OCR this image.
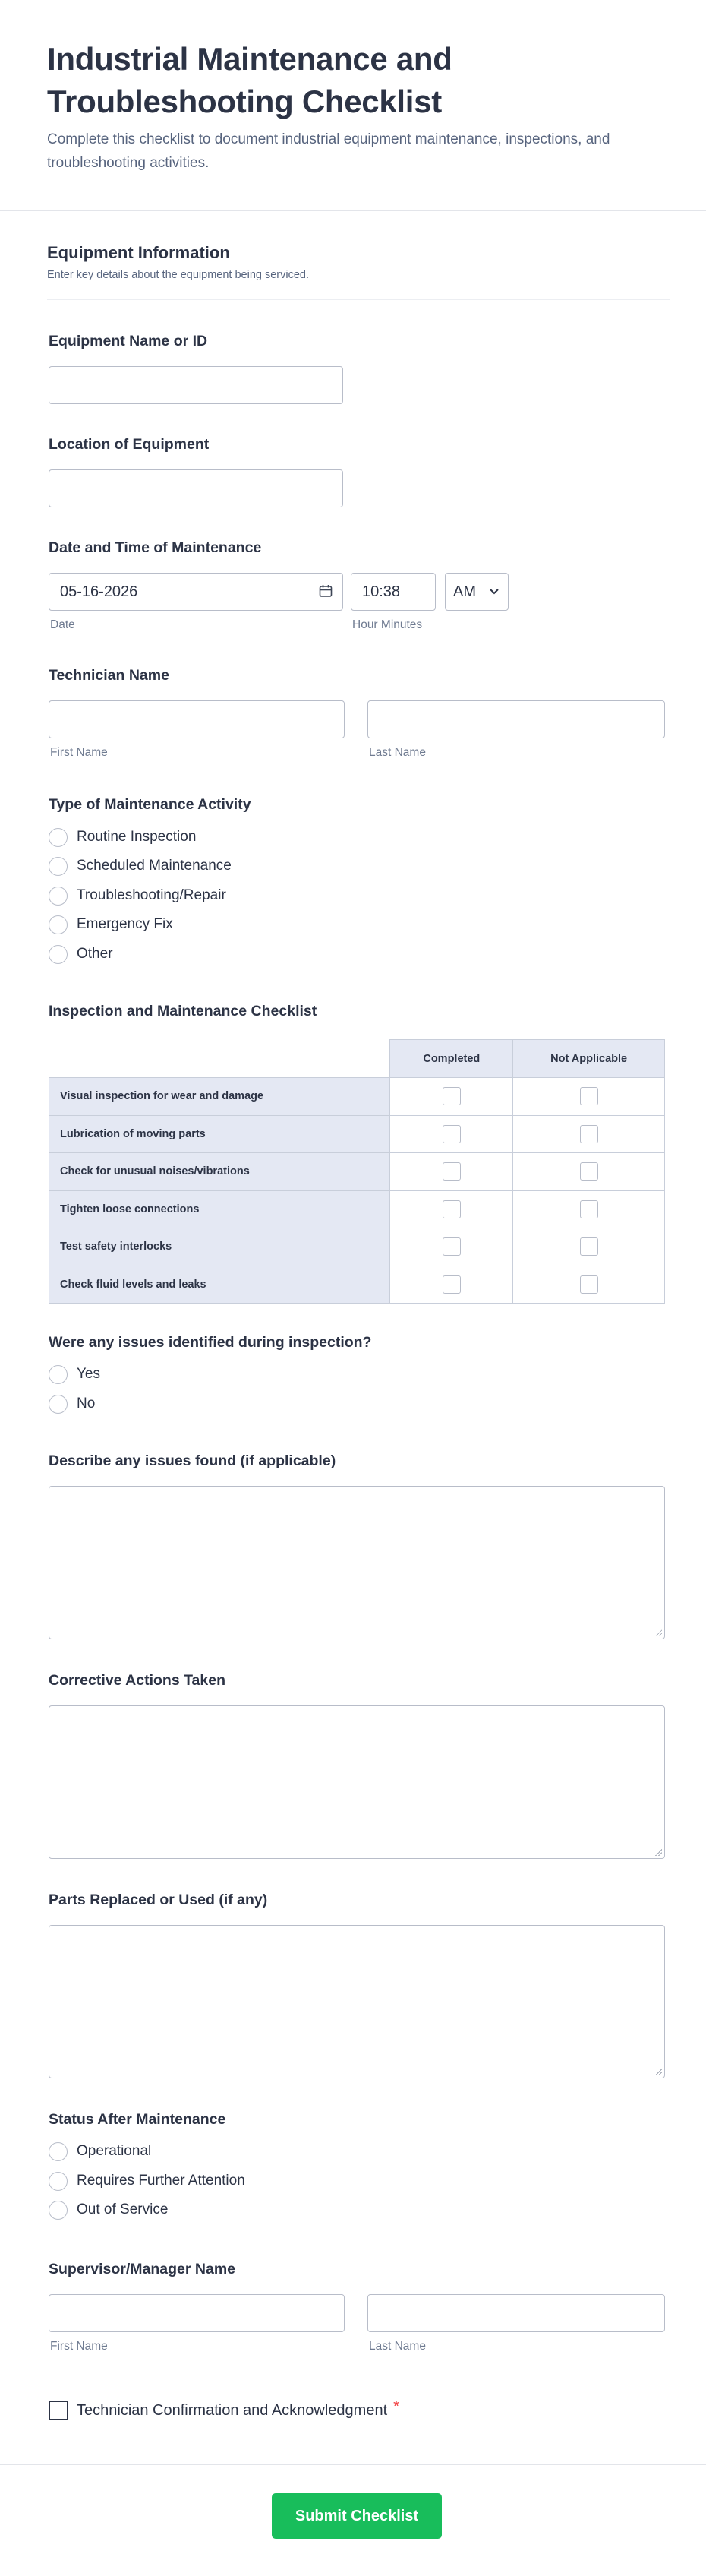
Industrial Maintenance and Troubleshooting Checklist

Complete this checklist to document industrial equipment maintenance, inspections, and troubleshooting activities.

Equipment Information
Enter key details about the equipment being serviced.
Equipment Name or ID
Location of Equipment
Date and Time of Maintenance
05-16-2026
Date
10:38
Hour Minutes
AM
Technician Name
First Name	Last Name
Type of Maintenance Activity
Routine Inspection
Scheduled Maintenance
Troubleshooting/Repair
Emergency Fix
Other
Inspection and Maintenance Checklist
	Completed	Not Applicable
Visual inspection for wear and damage		
Lubrication of moving parts		
Check for unusual noises/vibrations		
Tighten loose connections		
Test safety interlocks		
Check fluid levels and leaks		
Were any issues identified during inspection?
Yes
No
Describe any issues found (if applicable)
Corrective Actions Taken
Parts Replaced or Used (if any)
Status After Maintenance
Operational
Requires Further Attention
Out of Service
Supervisor/Manager Name
First Name	Last Name
Technician Confirmation and Acknowledgment *
Submit Checklist
